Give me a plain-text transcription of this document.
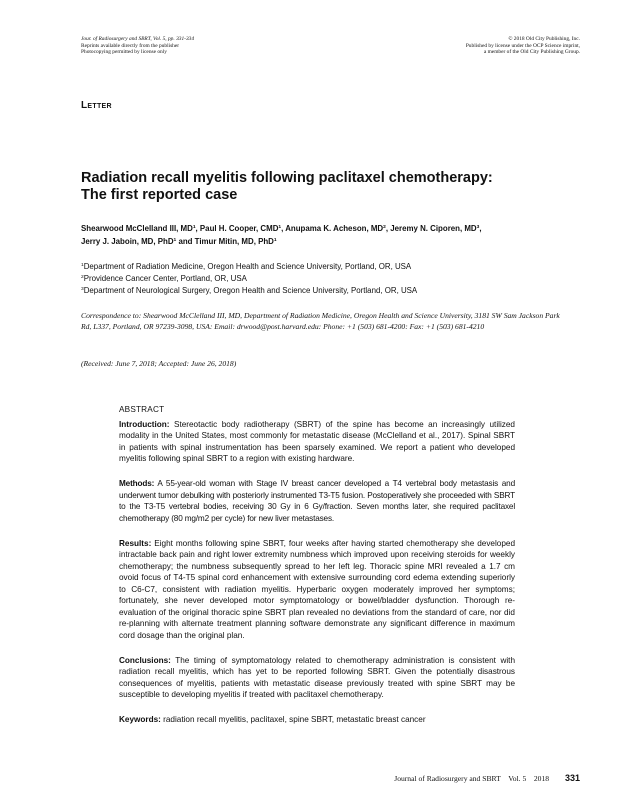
Jour. of Radiosurgery and SBRT, Vol. 5, pp. 331-334
Reprints available directly from the publisher
Photocopying permitted by license only
© 2018 Old City Publishing, Inc.
Published by license under the OCP Science imprint,
a member of the Old City Publishing Group.
Letter
Radiation recall myelitis following paclitaxel chemotherapy:
The first reported case
Shearwood McClelland III, $MD^1$, Paul H. Cooper, CMD$^1$, Anupama K. Acheson, $MD^2$, Jeremy N. Ciporen, $MD^3$,
Jerry J. Jaboin, MD, PhD$^1$ and Timur Mitin, MD, PhD$^1$
$^1$Department of Radiation Medicine, Oregon Health and Science University, Portland, OR, USA
$^2$Providence Cancer Center, Portland, OR, USA
$^3$Department of Neurological Surgery, Oregon Health and Science University, Portland, OR, USA
Correspondence to: Shearwood McClelland III, MD, Department of Radiation Medicine, Oregon Health and Science University, 3181 SW Sam Jackson Park Rd, L337, Portland, OR 97239-3098, USA: Email: drwood@post.harvard.edu: Phone: +1 (503) 681-4200: Fax: +1 (503) 681-4210
(Received: June 7, 2018; Accepted: June 26, 2018)

ABSTRACT

Introduction: Stereotactic body radiotherapy (SBRT) of the spine has become an increasingly utilized modality in the United States, most commonly for metastatic disease (McClelland et al., 2017). Spinal SBRT in patients with spinal instrumentation has been sparsely examined. We report a patient who developed myelitis following spinal SBRT to a region with existing hardware.

Methods: A 55-year-old woman with Stage IV breast cancer developed a T4 vertebral body metastasis and underwent tumor debulking with posteriorly instrumented T3-T5 fusion. Postoperatively she proceeded with SBRT to the T3-T5 vertebral bodies, receiving 30 Gy in 6 Gy/fraction. Seven months later, she required paclitaxel chemotherapy (80 mg/m2 per cycle) for new liver metastases.

Results: Eight months following spine SBRT, four weeks after having started chemotherapy she developed intractable back pain and right lower extremity numbness which improved upon receiving steroids for weekly chemotherapy; the numbness subsequently spread to her left leg. Thoracic spine MRI revealed a 1.7 cm ovoid focus of T4-T5 spinal cord enhancement with extensive surrounding cord edema extending superiorly to C6-C7, consistent with radiation myelitis. Hyperbaric oxygen moderately improved her symptoms; fortunately, she never developed motor symptomatology or bowel/bladder dysfunction. Thorough re-evaluation of the original thoracic spine SBRT plan revealed no deviations from the standard of care, nor did re-planning with alternate treatment planning software demonstrate any significant difference in maximum cord dosage than the original plan.

Conclusions: The timing of symptomatology related to chemotherapy administration is consistent with radiation recall myelitis, which has yet to be reported following SBRT. Given the potentially disastrous consequences of myelitis, patients with metastatic disease previously treated with spine SBRT may be susceptible to developing myelitis if treated with paclitaxel chemotherapy.

Keywords: radiation recall myelitis, paclitaxel, spine SBRT, metastatic breast cancer

Journal of Radiosurgery and SBRT Vol. 5 2018 331
